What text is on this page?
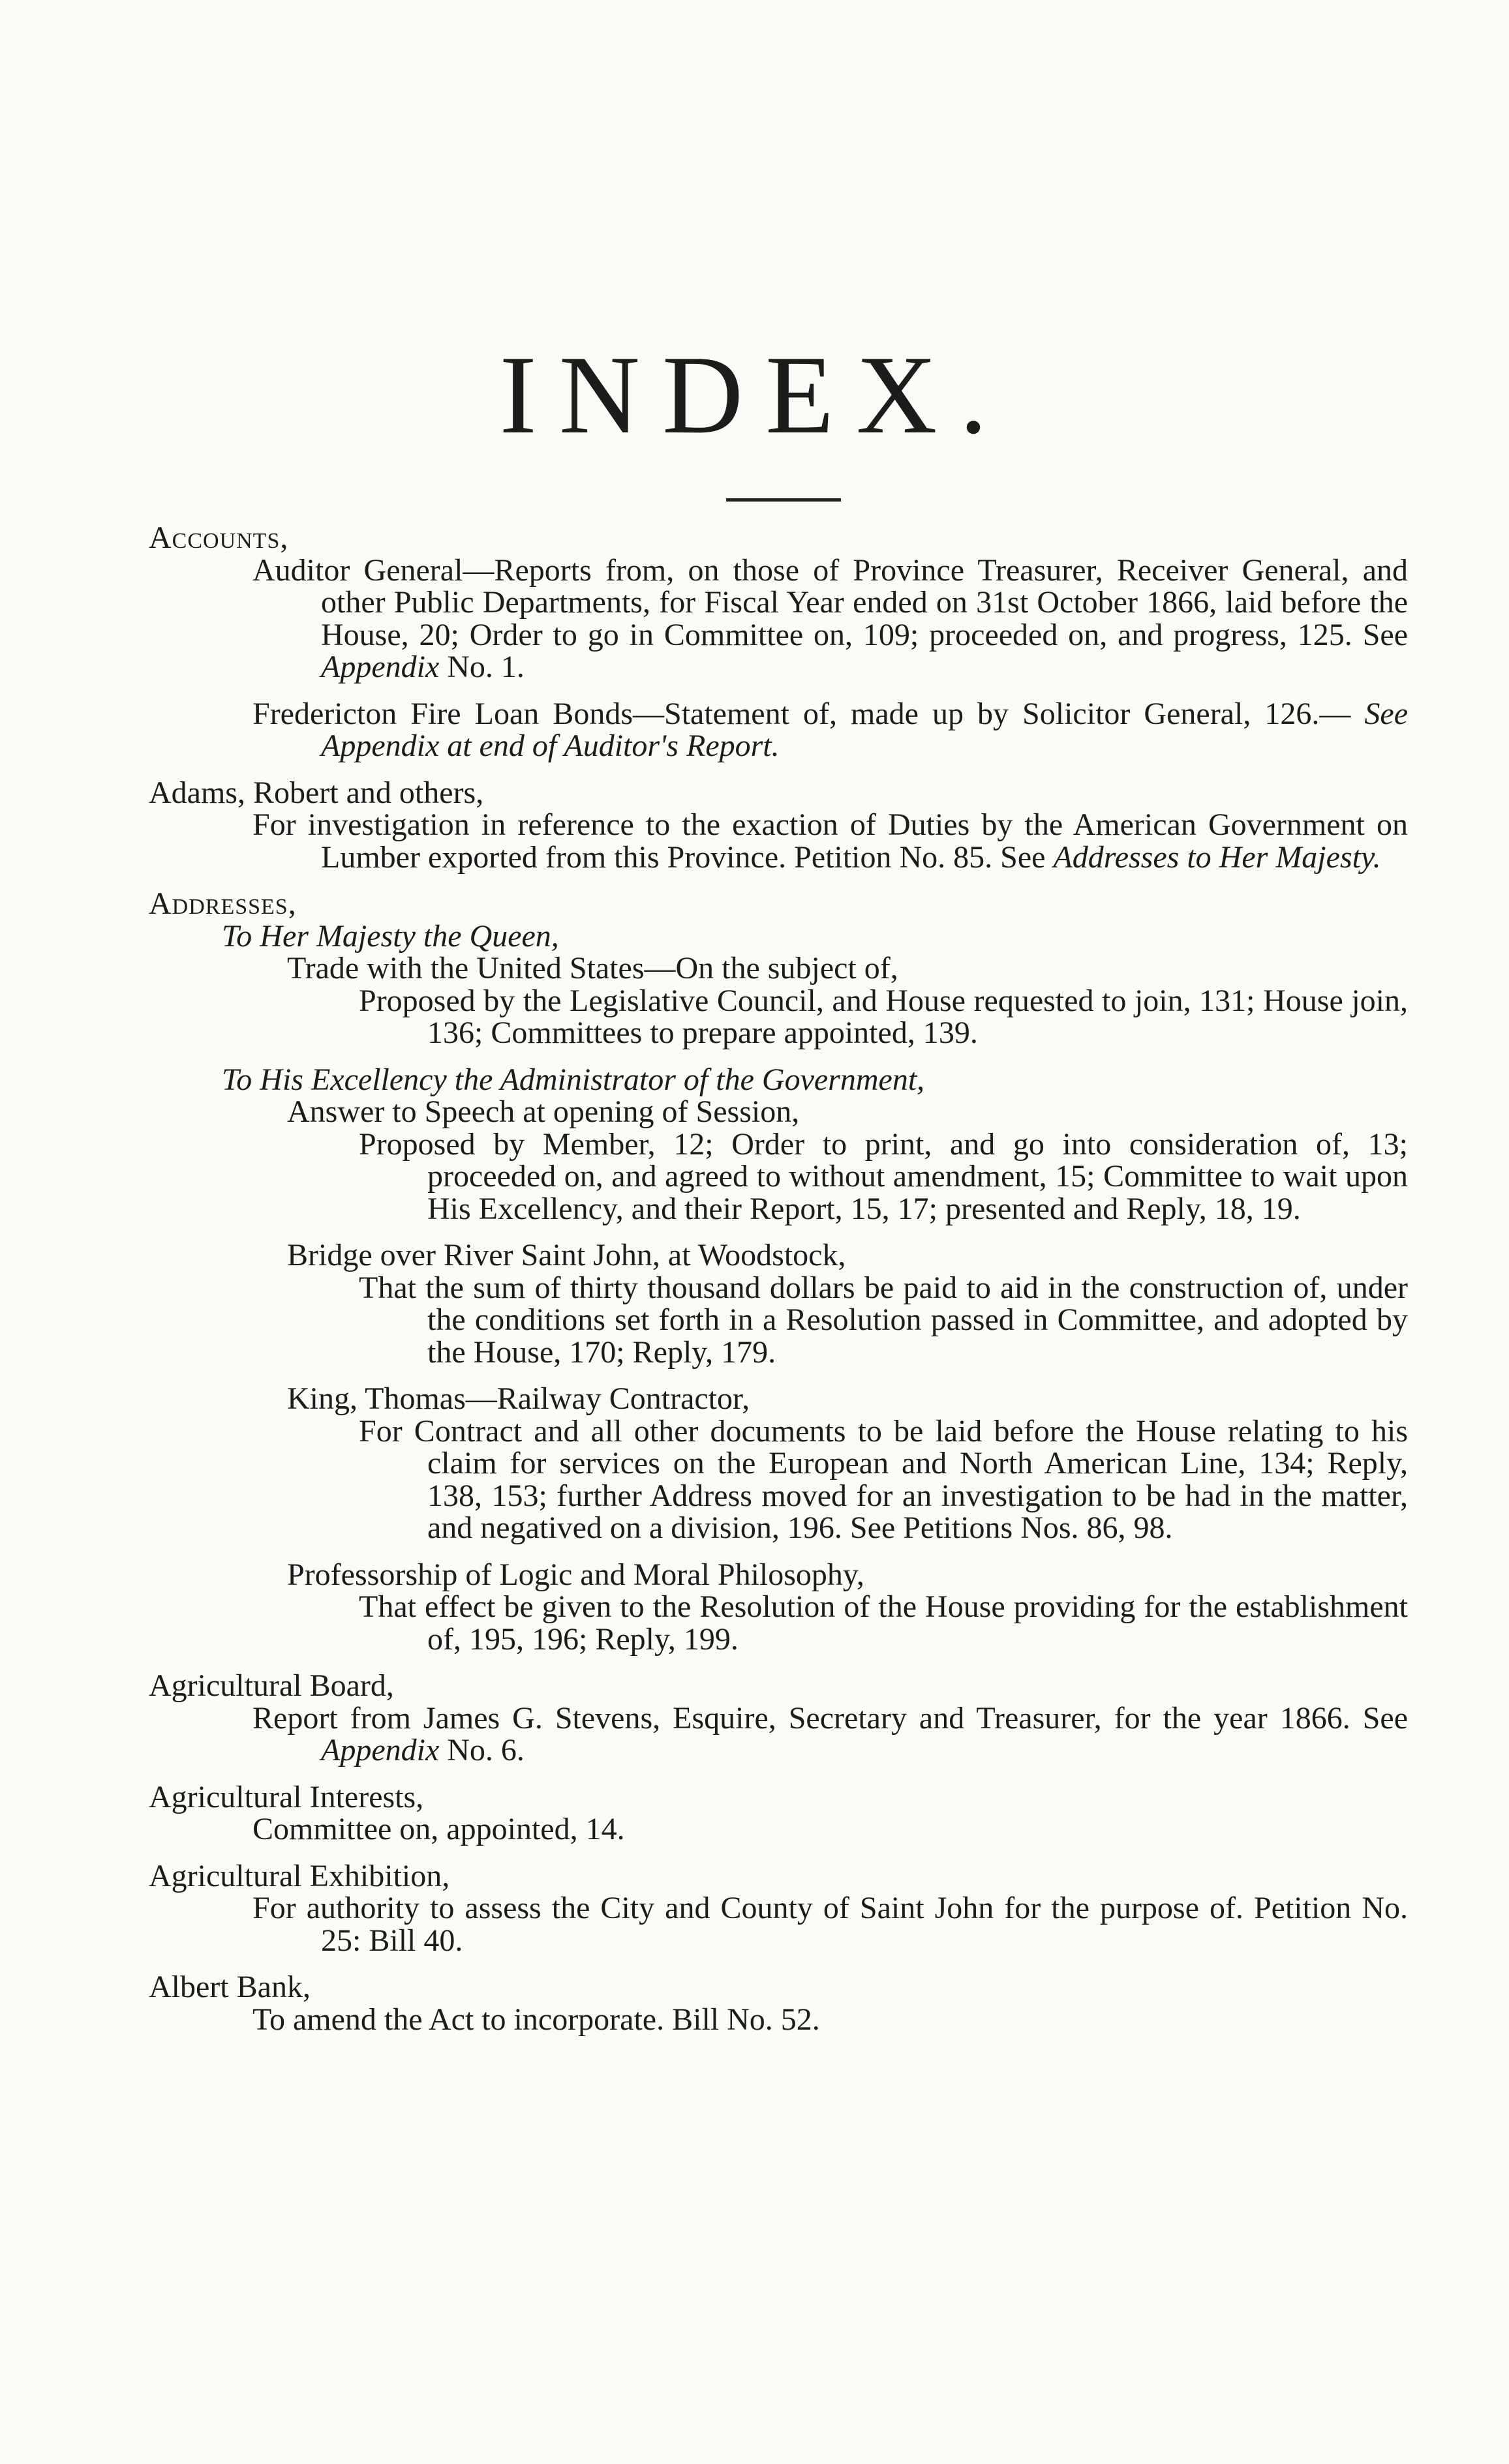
INDEX.
Accounts,
Auditor General—Reports from, on those of Province Treasurer, Receiver General, and other Public Departments, for Fiscal Year ended on 31st October 1866, laid before the House, 20; Order to go in Committee on, 109; proceeded on, and progress, 125. See Appendix No. 1.
Fredericton Fire Loan Bonds—Statement of, made up by Solicitor General, 126.— See Appendix at end of Auditor's Report.
Adams, Robert and others,
For investigation in reference to the exaction of Duties by the American Government on Lumber exported from this Province. Petition No. 85. See Addresses to Her Majesty.
Addresses,
To Her Majesty the Queen,
Trade with the United States—On the subject of,
Proposed by the Legislative Council, and House requested to join, 131; House join, 136; Committees to prepare appointed, 139.
To His Excellency the Administrator of the Government,
Answer to Speech at opening of Session,
Proposed by Member, 12; Order to print, and go into consideration of, 13; proceeded on, and agreed to without amendment, 15; Committee to wait upon His Excellency, and their Report, 15, 17; presented and Reply, 18, 19.
Bridge over River Saint John, at Woodstock,
That the sum of thirty thousand dollars be paid to aid in the construction of, under the conditions set forth in a Resolution passed in Committee, and adopted by the House, 170; Reply, 179.
King, Thomas—Railway Contractor,
For Contract and all other documents to be laid before the House relating to his claim for services on the European and North American Line, 134; Reply, 138, 153; further Address moved for an investigation to be had in the matter, and negatived on a division, 196. See Petitions Nos. 86, 98.
Professorship of Logic and Moral Philosophy,
That effect be given to the Resolution of the House providing for the establishment of, 195, 196; Reply, 199.
Agricultural Board,
Report from James G. Stevens, Esquire, Secretary and Treasurer, for the year 1866. See Appendix No. 6.
Agricultural Interests,
Committee on, appointed, 14.
Agricultural Exhibition,
For authority to assess the City and County of Saint John for the purpose of. Petition No. 25: Bill 40.
Albert Bank,
To amend the Act to incorporate. Bill No. 52.
